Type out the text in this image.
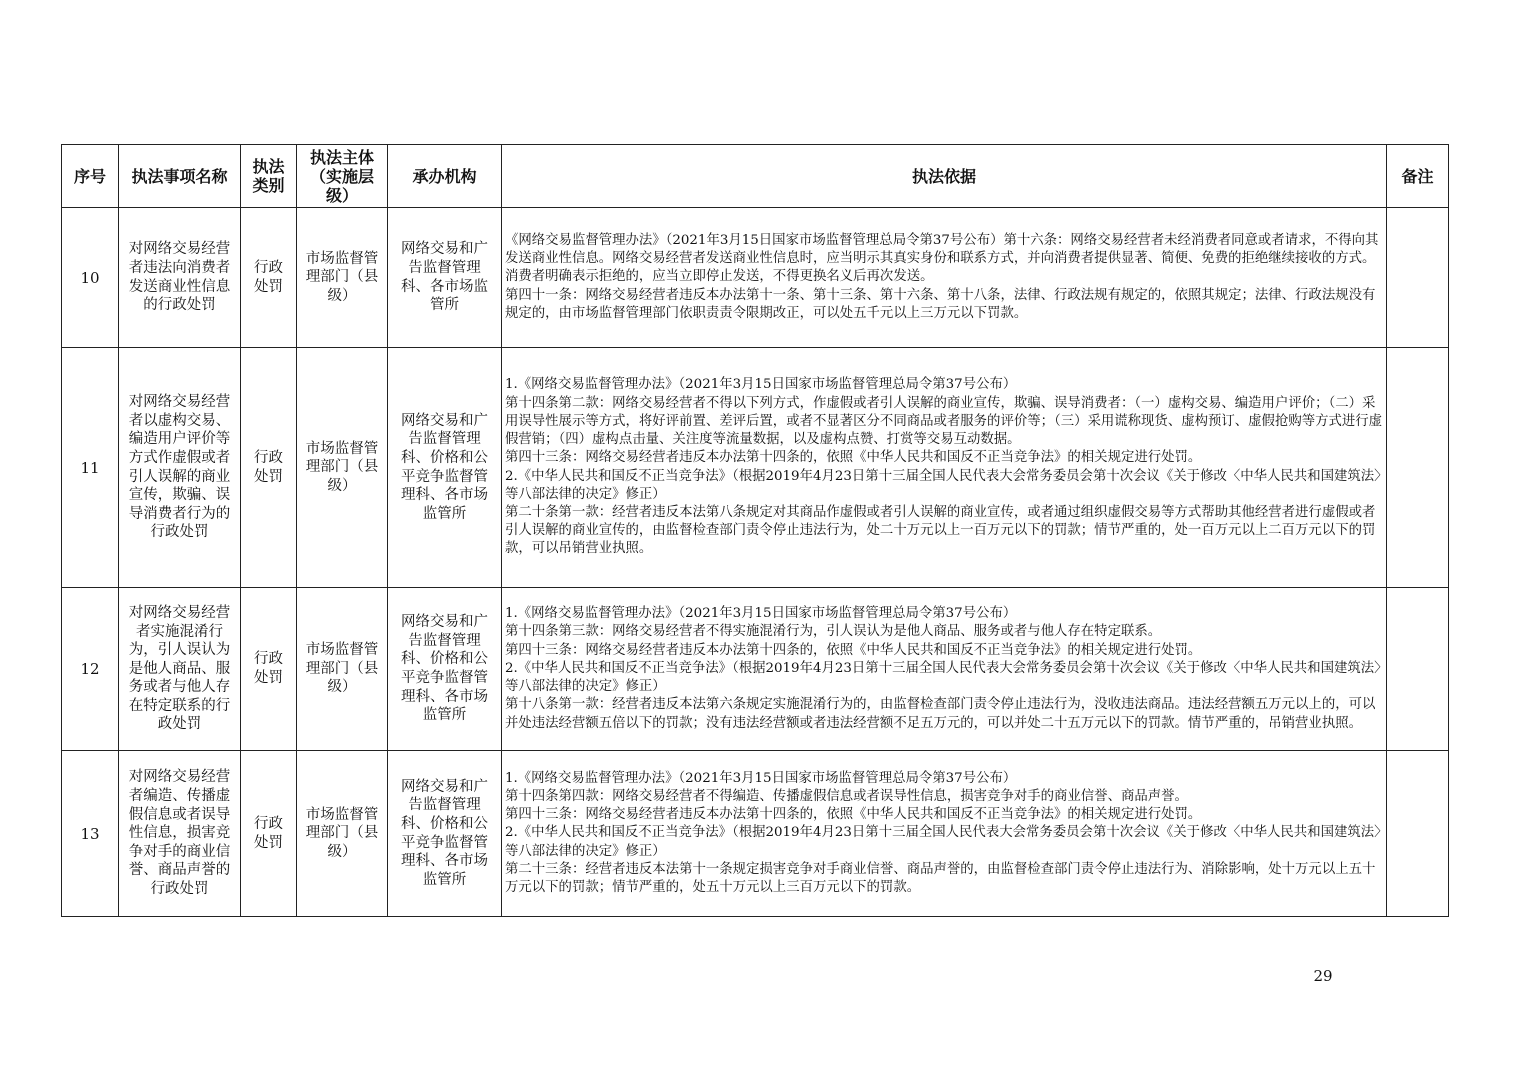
序号	执法事项名称	执法类别	执法主体（实施层级）	承办机构	执法依据	备注
10	对网络交易经营者违法向消费者发送商业性信息的行政处罚	行政处罚	市场监督管理部门（县级）	网络交易和广告监督管理科、各市场监管所	《网络交易监督管理办法》（2021年3月15日国家市场监督管理总局令第37号公布）第十六条：网络交易经营者未经消费者同意或者请求，不得向其发送商业性信息。网络交易经营者发送商业性信息时，应当明示其真实身份和联系方式，并向消费者提供显著、简便、免费的拒绝继续接收的方式。消费者明确表示拒绝的，应当立即停止发送，不得更换名义后再次发送。
第四十一条：网络交易经营者违反本办法第十一条、第十三条、第十六条、第十八条，法律、行政法规有规定的，依照其规定；法律、行政法规没有规定的，由市场监督管理部门依职责责令限期改正，可以处五千元以上三万元以下罚款。	

11	对网络交易经营者以虚构交易、编造用户评价等方式作虚假或者引人误解的商业宣传，欺骗、误导消费者行为的行政处罚	行政处罚	市场监督管理部门（县级）	网络交易和广告监督管理科、价格和公平竞争监督管理科、各市场监管所	1.《网络交易监督管理办法》（2021年3月15日国家市场监督管理总局令第37号公布）
第十四条第二款：网络交易经营者不得以下列方式，作虚假或者引人误解的商业宣传，欺骗、误导消费者：（一）虚构交易、编造用户评价；（二）采用误导性展示等方式，将好评前置、差评后置，或者不显著区分不同商品或者服务的评价等；（三）采用谎称现货、虚构预订、虚假抢购等方式进行虚假营销；（四）虚构点击量、关注度等流量数据，以及虚构点赞、打赏等交易互动数据。
第四十三条：网络交易经营者违反本办法第十四条的，依照《中华人民共和国反不正当竞争法》的相关规定进行处罚。
2.《中华人民共和国反不正当竞争法》（根据2019年4月23日第十三届全国人民代表大会常务委员会第十次会议《关于修改〈中华人民共和国建筑法〉等八部法律的决定》修正）
第二十条第一款：经营者违反本法第八条规定对其商品作虚假或者引人误解的商业宣传，或者通过组织虚假交易等方式帮助其他经营者进行虚假或者引人误解的商业宣传的，由监督检查部门责令停止违法行为，处二十万元以上一百万元以下的罚款；情节严重的，处一百万元以上二百万元以下的罚款，可以吊销营业执照。	

12	对网络交易经营者实施混淆行为，引人误认为是他人商品、服务或者与他人存在特定联系的行政处罚	行政处罚	市场监督管理部门（县级）	网络交易和广告监督管理科、价格和公平竞争监督管理科、各市场监管所	1.《网络交易监督管理办法》（2021年3月15日国家市场监督管理总局令第37号公布）
第十四条第三款：网络交易经营者不得实施混淆行为，引人误认为是他人商品、服务或者与他人存在特定联系。
第四十三条：网络交易经营者违反本办法第十四条的，依照《中华人民共和国反不正当竞争法》的相关规定进行处罚。
2.《中华人民共和国反不正当竞争法》（根据2019年4月23日第十三届全国人民代表大会常务委员会第十次会议《关于修改〈中华人民共和国建筑法〉等八部法律的决定》修正）
第十八条第一款：经营者违反本法第六条规定实施混淆行为的，由监督检查部门责令停止违法行为，没收违法商品。违法经营额五万元以上的，可以并处违法经营额五倍以下的罚款；没有违法经营额或者违法经营额不足五万元的，可以并处二十五万元以下的罚款。情节严重的，吊销营业执照。	

13	对网络交易经营者编造、传播虚假信息或者误导性信息，损害竞争对手的商业信誉、商品声誉的行政处罚	行政处罚	市场监督管理部门（县级）	网络交易和广告监督管理科、价格和公平竞争监督管理科、各市场监管所	1.《网络交易监督管理办法》（2021年3月15日国家市场监督管理总局令第37号公布）
第十四条第四款：网络交易经营者不得编造、传播虚假信息或者误导性信息，损害竞争对手的商业信誉、商品声誉。
第四十三条：网络交易经营者违反本办法第十四条的，依照《中华人民共和国反不正当竞争法》的相关规定进行处罚。
2.《中华人民共和国反不正当竞争法》（根据2019年4月23日第十三届全国人民代表大会常务委员会第十次会议《关于修改〈中华人民共和国建筑法〉等八部法律的决定》修正）
第二十三条：经营者违反本法第十一条规定损害竞争对手商业信誉、商品声誉的，由监督检查部门责令停止违法行为、消除影响，处十万元以上五十万元以下的罚款；情节严重的，处五十万元以上三百万元以下的罚款。	

29
